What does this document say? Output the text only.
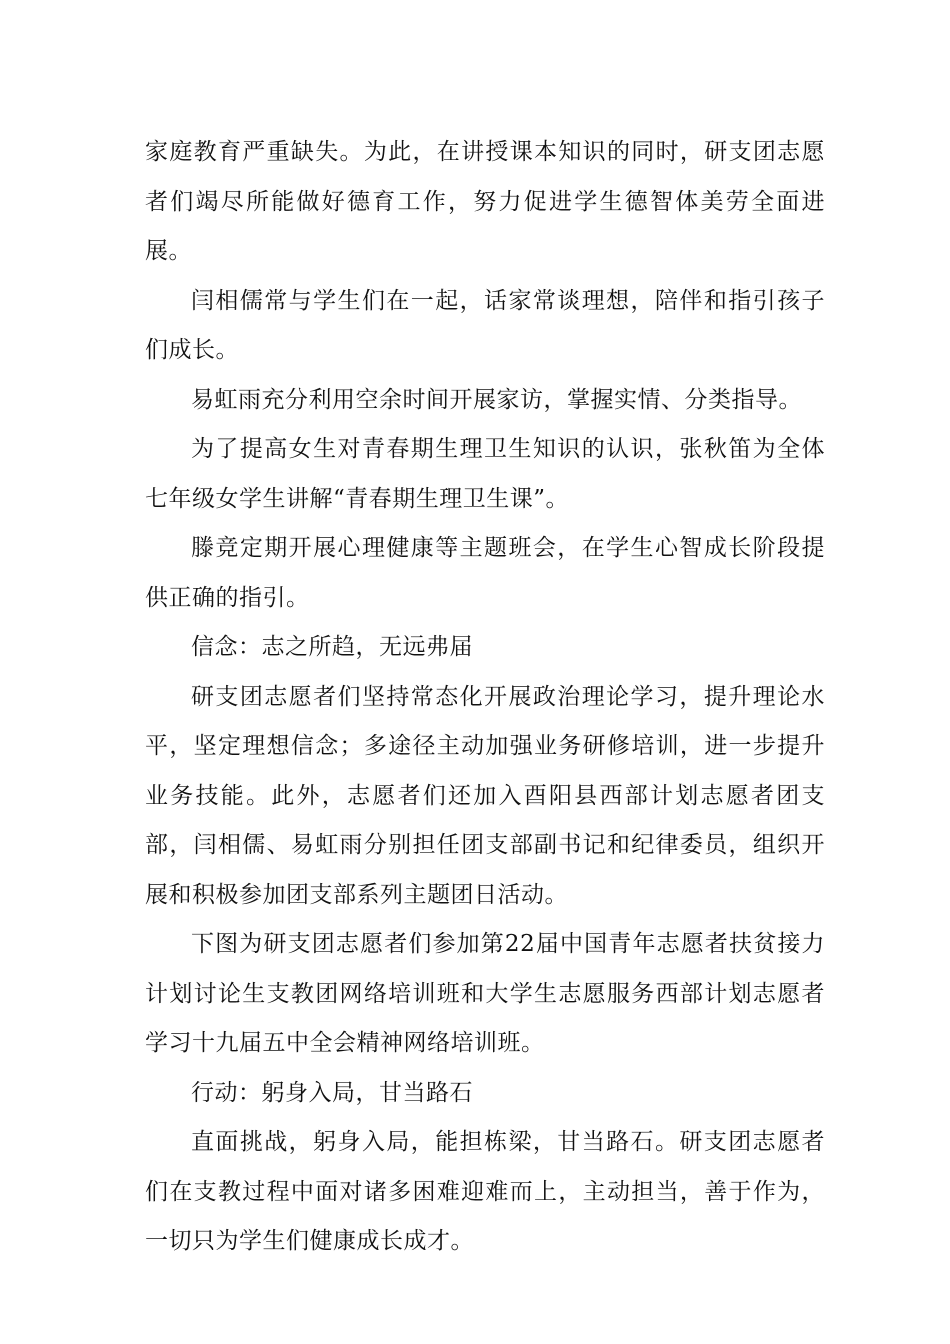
家庭教育严重缺失。为此，在讲授课本知识的同时，研支团志愿者们竭尽所能做好德育工作，努力促进学生德智体美劳全面进展。

闫相儒常与学生们在一起，话家常谈理想，陪伴和指引孩子们成长。

易虹雨充分利用空余时间开展家访，掌握实情、分类指导。

为了提高女生对青春期生理卫生知识的认识，张秋笛为全体七年级女学生讲解“青春期生理卫生课”。

滕竞定期开展心理健康等主题班会，在学生心智成长阶段提供正确的指引。

信念：志之所趋，无远弗届

研支团志愿者们坚持常态化开展政治理论学习，提升理论水平，坚定理想信念；多途径主动加强业务研修培训，进一步提升业务技能。此外，志愿者们还加入酉阳县西部计划志愿者团支部，闫相儒、易虹雨分别担任团支部副书记和纪律委员，组织开展和积极参加团支部系列主题团日活动。

下图为研支团志愿者们参加第22届中国青年志愿者扶贫接力计划讨论生支教团网络培训班和大学生志愿服务西部计划志愿者学习十九届五中全会精神网络培训班。

行动：躬身入局，甘当路石

直面挑战，躬身入局，能担栋梁，甘当路石。研支团志愿者们在支教过程中面对诸多困难迎难而上，主动担当，善于作为，一切只为学生们健康成长成才。
